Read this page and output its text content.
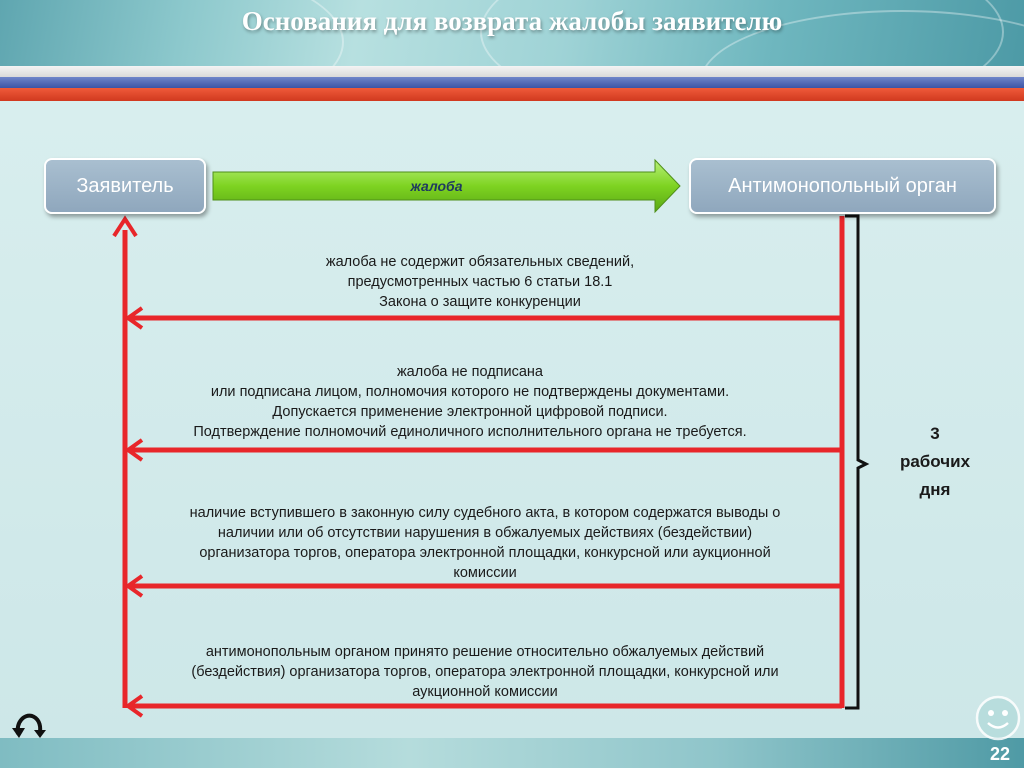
Основания для возврата жалобы заявителю
Заявитель	Антимонопольный орган
жалоба
жалоба не содержит обязательных сведений,
предусмотренных частью 6 статьи 18.1
Закона о защите конкуренции
жалоба не подписана
или подписана лицом, полномочия которого не подтверждены документами.
Допускается применение электронной цифровой подписи.
Подтверждение полномочий единоличного исполнительного органа не требуется.
наличие вступившего в законную силу судебного акта, в котором содержатся выводы о
наличии или об отсутствии нарушения в обжалуемых действиях (бездействии)
организатора торгов, оператора электронной площадки, конкурсной или аукционной
комиссии
антимонопольным органом принято решение относительно обжалуемых действий
(бездействия) организатора торгов, оператора электронной площадки, конкурсной или
аукционной комиссии
3
рабочих
дня
22
